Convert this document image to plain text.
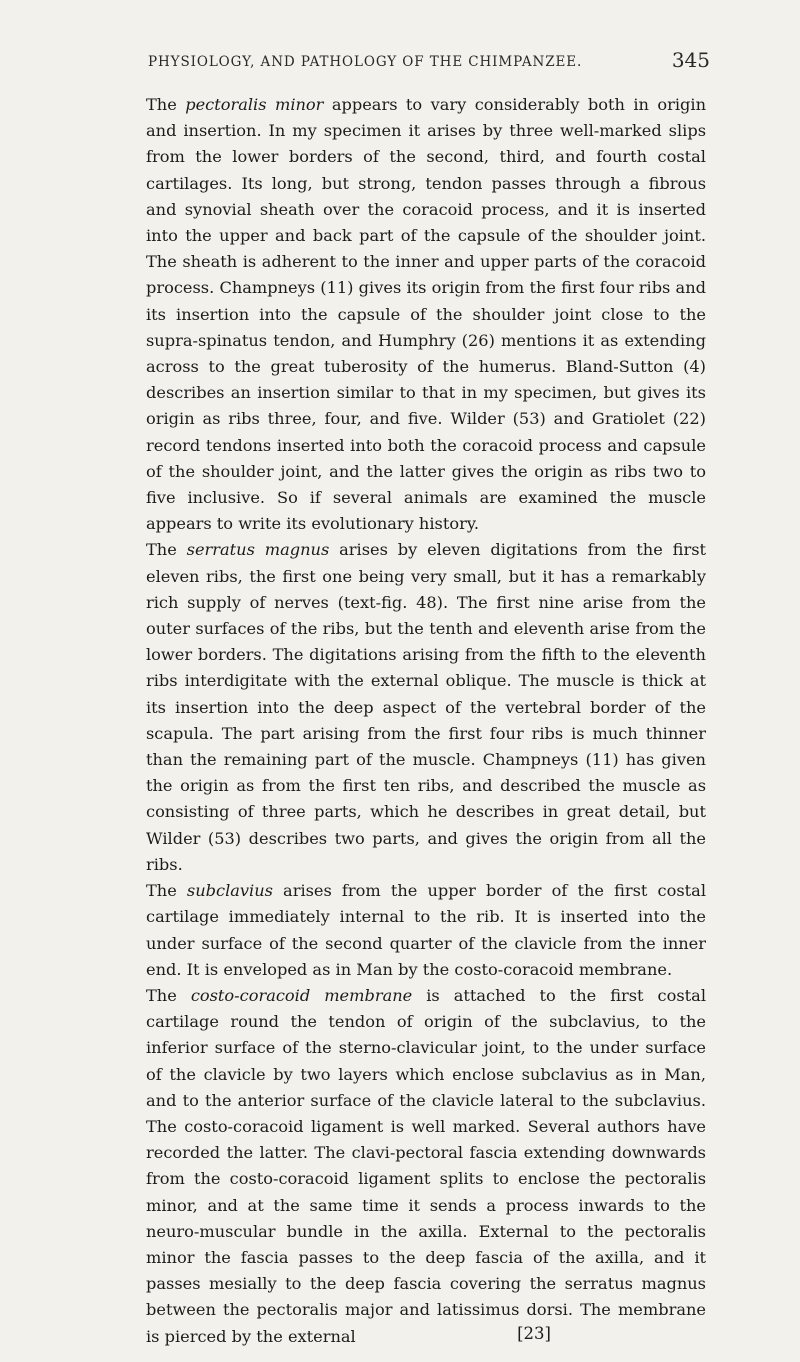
PHYSIOLOGY, AND PATHOLOGY OF THE CHIMPANZEE.	345

The pectoralis minor appears to vary considerably both in origin and insertion. In my specimen it arises by three well-marked slips from the lower borders of the second, third, and fourth costal cartilages. Its long, but strong, tendon passes through a fibrous and synovial sheath over the coracoid process, and it is inserted into the upper and back part of the capsule of the shoulder joint. The sheath is adherent to the inner and upper parts of the coracoid process. Champneys (11) gives its origin from the first four ribs and its insertion into the capsule of the shoulder joint close to the supra-spinatus tendon, and Humphry (26) mentions it as extending across to the great tuberosity of the humerus. Bland-Sutton (4) describes an insertion similar to that in my specimen, but gives its origin as ribs three, four, and five. Wilder (53) and Gratiolet (22) record tendons inserted into both the coracoid process and capsule of the shoulder joint, and the latter gives the origin as ribs two to five inclusive. So if several animals are examined the muscle appears to write its evolutionary history.

The serratus magnus arises by eleven digitations from the first eleven ribs, the first one being very small, but it has a remarkably rich supply of nerves (text-fig. 48). The first nine arise from the outer surfaces of the ribs, but the tenth and eleventh arise from the lower borders. The digitations arising from the fifth to the eleventh ribs interdigitate with the external oblique. The muscle is thick at its insertion into the deep aspect of the vertebral border of the scapula. The part arising from the first four ribs is much thinner than the remaining part of the muscle. Champneys (11) has given the origin as from the first ten ribs, and described the muscle as consisting of three parts, which he describes in great detail, but Wilder (53) describes two parts, and gives the origin from all the ribs.

The subclavius arises from the upper border of the first costal cartilage immediately internal to the rib. It is inserted into the under surface of the second quarter of the clavicle from the inner end. It is enveloped as in Man by the costo-coracoid membrane.

The costo-coracoid membrane is attached to the first costal cartilage round the tendon of origin of the subclavius, to the inferior surface of the sterno-clavicular joint, to the under surface of the clavicle by two layers which enclose subclavius as in Man, and to the anterior surface of the clavicle lateral to the subclavius. The costo-coracoid ligament is well marked. Several authors have recorded the latter. The clavi-pectoral fascia extending downwards from the costo-coracoid ligament splits to enclose the pectoralis minor, and at the same time it sends a process inwards to the neuro-muscular bundle in the axilla. External to the pectoralis minor the fascia passes to the deep fascia of the axilla, and it passes mesially to the deep fascia covering the serratus magnus between the pectoralis major and latissimus dorsi. The membrane is pierced by the external	[23]
